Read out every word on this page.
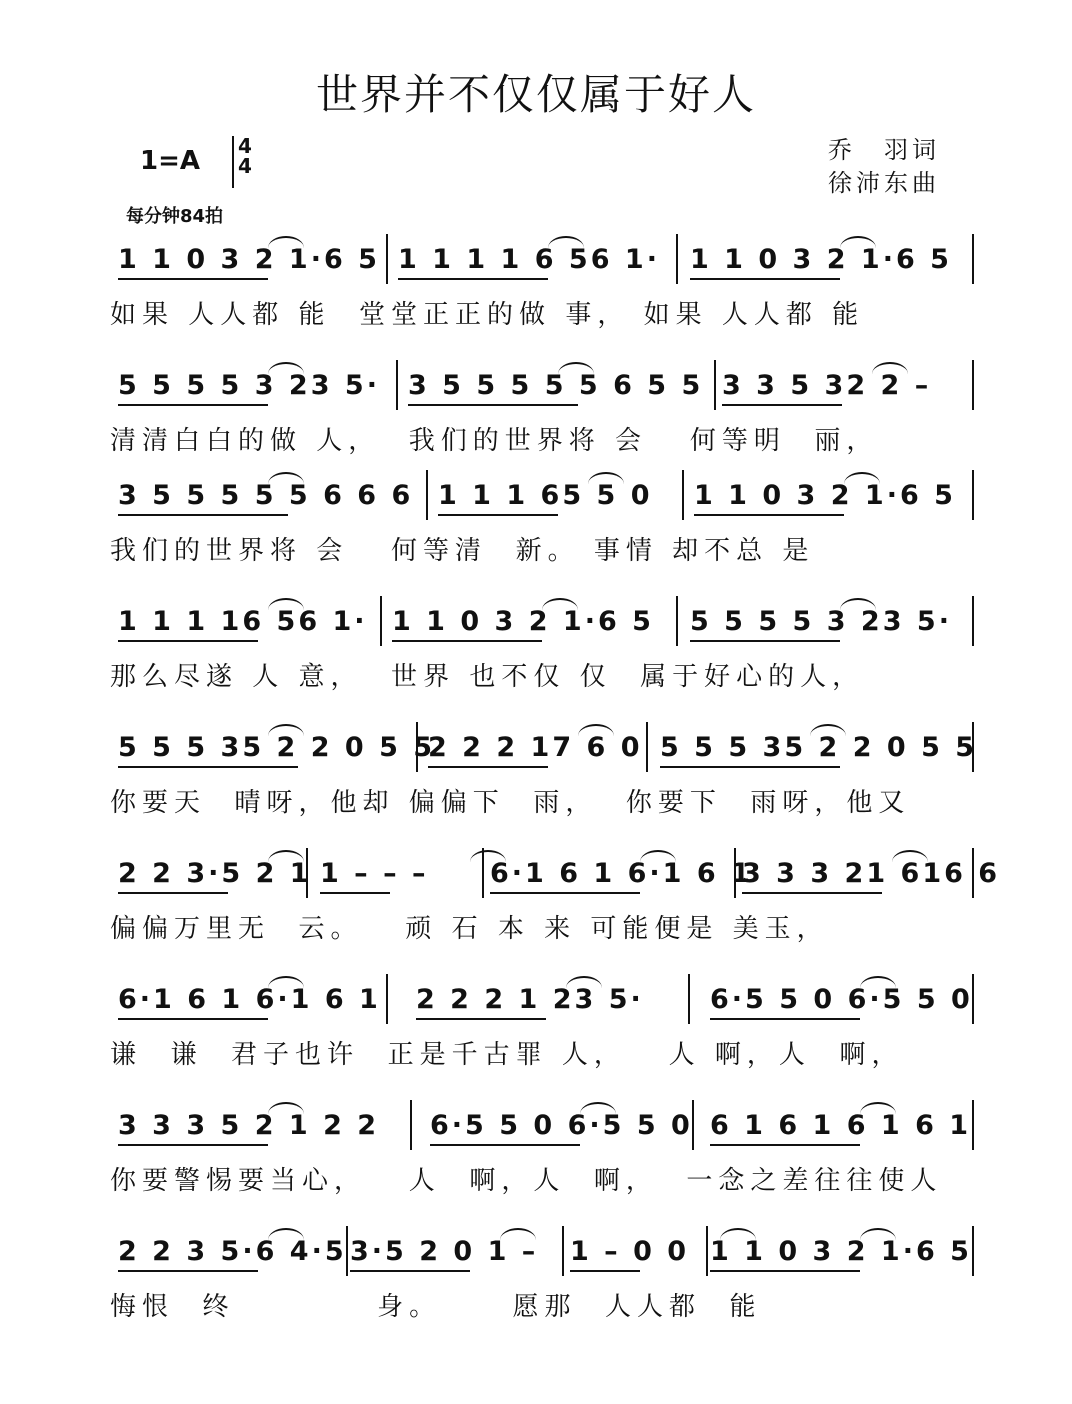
世界并不仅仅属于好人
1=A	4
4
每分钟84拍
乔　羽词
徐沛东曲
1 1 0 3 2 1·6 5 1 1 1 1 6 56 1· 1 1 0 3 2 1·6 5
如果 人人都 能  堂堂正正的做 事， 如果 人人都 能
5 5 5 5 3 23 5· 3 5 5 5 5 5 6 5 5 3 3 5 32 2 –
清清白白的做 人，  我们的世界将 会   何等明  丽，
3 5 5 5 5 5 6 6 6 1 1 1 65 5 0 1 1 0 3 2 1·6 5
我们的世界将 会   何等清  新。 事情 却不总 是
1 1 1 16 56 1· 1 1 0 3 2 1·6 5 5 5 5 5 3 23 5·
那么尽遂 人 意，  世界 也不仅 仅  属于好心的人，
5 5 5 35 2 2 0 5 5
2 2 2 17 6 0 5 5 5 35 2 2 0 5 5
你要天  晴呀，他却 偏偏下  雨，  你要下  雨呀，他又
2 2 3·5 2 1 1 – – – 6·1 6 1 6·1 6 1
3 3 3 21 616 6
偏偏万里无  云。   顽 石 本 来 可能便是 美玉，
6·1 6 1 6·1 6 1 2 2 2 1 23 5· 6·5 5 0 6·5 5 0
谦  谦  君子也许  正是千古罪 人，   人 啊，人  啊，
3 3 3 5 2 1 2 2 6·5 5 0 6·5 5 0 6 1 6 1 6 1 6 1
你要警惕要当心，   人  啊，人  啊，  一念之差往往使人
2 2 3 5·6 4·5 3·5 2 0 1 – 1 – 0 0 1 1 0 3 2 1·6 5
悔恨  终          身。     愿那  人人都  能
